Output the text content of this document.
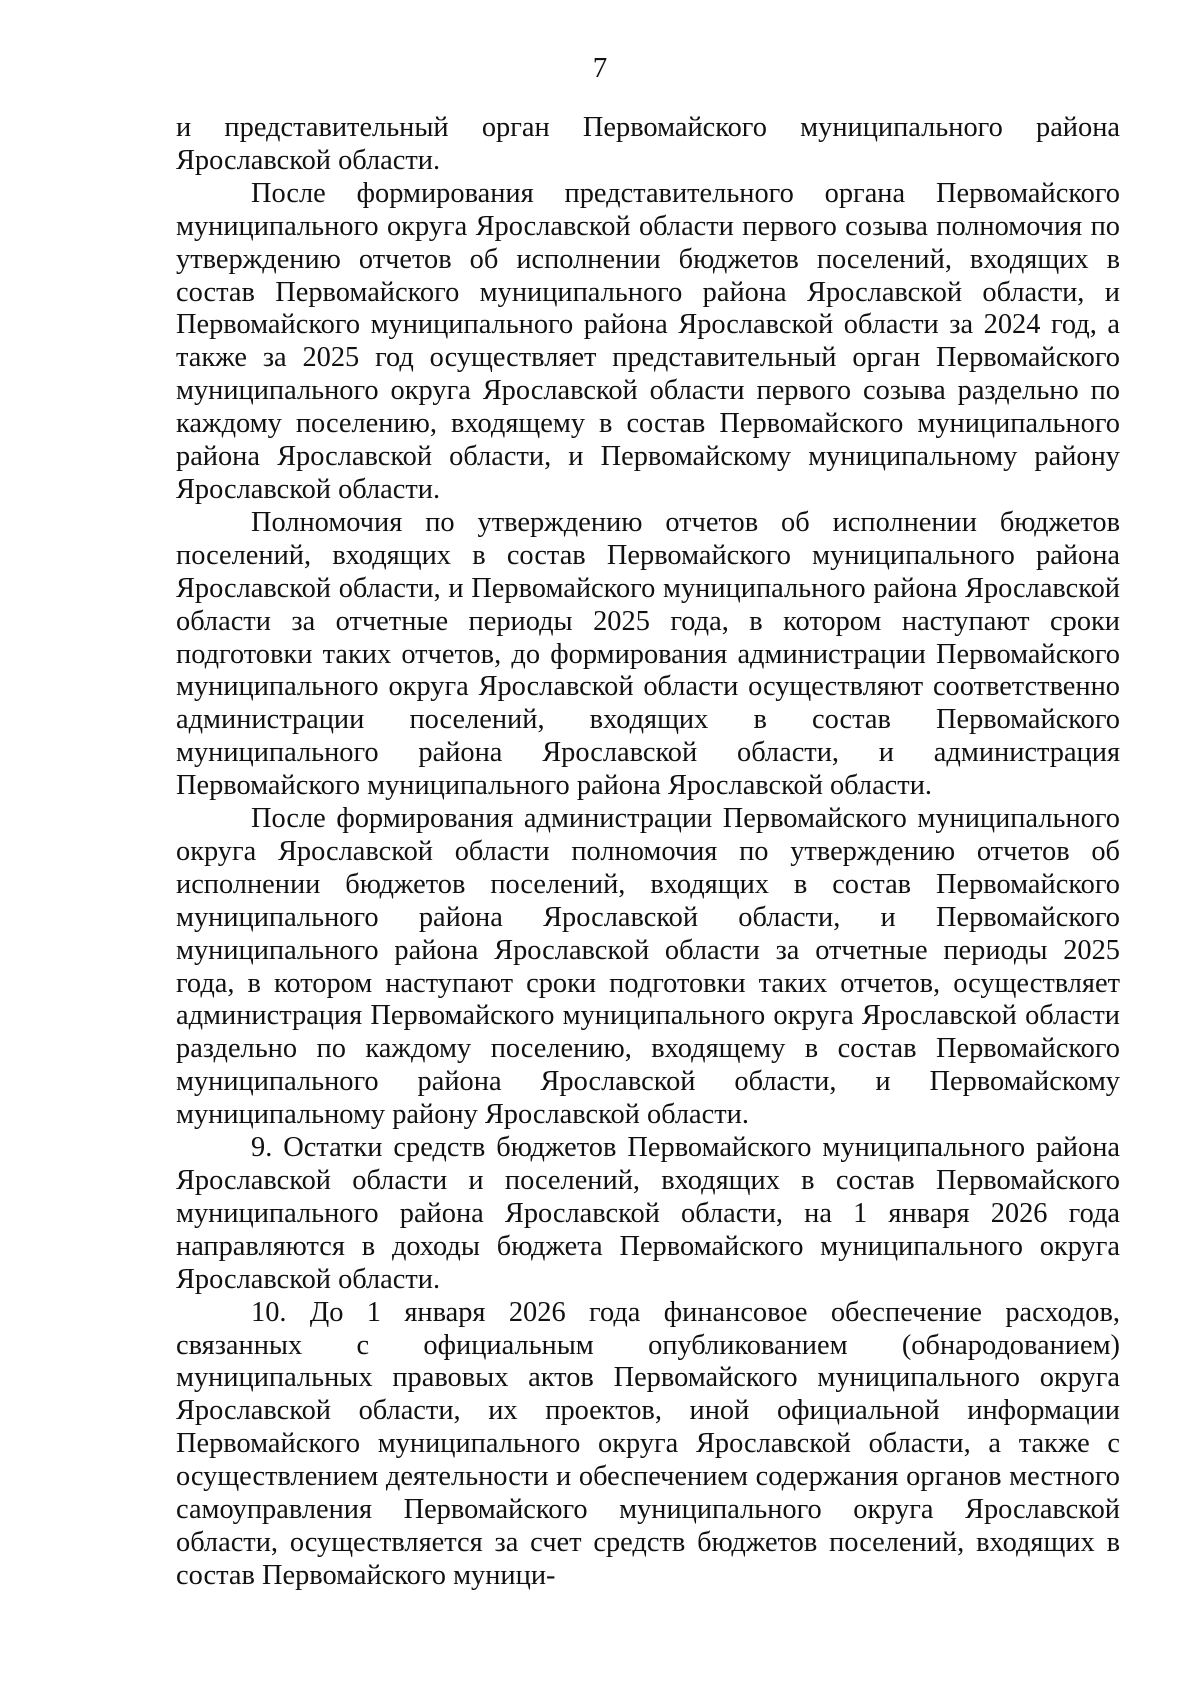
7

и представительный орган Первомайского муниципального района Ярославской области.

После формирования представительного органа Первомайского муниципального округа Ярославской области первого созыва полномочия по утверждению отчетов об исполнении бюджетов поселений, входящих в состав Первомайского муниципального района Ярославской области, и Первомайского муниципального района Ярославской области за 2024 год, а также за 2025 год осуществляет представительный орган Первомайского муниципального округа Ярославской области первого созыва раздельно по каждому поселению, входящему в состав Первомайского муниципального района Ярославской области, и Первомайскому муниципальному району Ярославской области.

Полномочия по утверждению отчетов об исполнении бюджетов поселений, входящих в состав Первомайского муниципального района Ярославской области, и Первомайского муниципального района Ярославской области за отчетные периоды 2025 года, в котором наступают сроки подготовки таких отчетов, до формирования администрации Первомайского муниципального округа Ярославской области осуществляют соответственно администрации поселений, входящих в состав Первомайского муниципального района Ярославской области, и администрация Первомайского муниципального района Ярославской области.

После формирования администрации Первомайского муниципального округа Ярославской области полномочия по утверждению отчетов об исполнении бюджетов поселений, входящих в состав Первомайского муниципального района Ярославской области, и Первомайского муниципального района Ярославской области за отчетные периоды 2025 года, в котором наступают сроки подготовки таких отчетов, осуществляет администрация Первомайского муниципального округа Ярославской области раздельно по каждому поселению, входящему в состав Первомайского муниципального района Ярославской области, и Первомайскому муниципальному району Ярославской области.

9. Остатки средств бюджетов Первомайского муниципального района Ярославской области и поселений, входящих в состав Первомайского муниципального района Ярославской области, на 1 января 2026 года направляются в доходы бюджета Первомайского муниципального округа Ярославской области.

10. До 1 января 2026 года финансовое обеспечение расходов, связанных с официальным опубликованием (обнародованием) муниципальных правовых актов Первомайского муниципального округа Ярославской области, их проектов, иной официальной информации Первомайского муниципального округа Ярославской области, а также с осуществлением деятельности и обеспечением содержания органов местного самоуправления Первомайского муниципального округа Ярославской области, осуществляется за счет средств бюджетов поселений, входящих в состав Первомайского муници-
